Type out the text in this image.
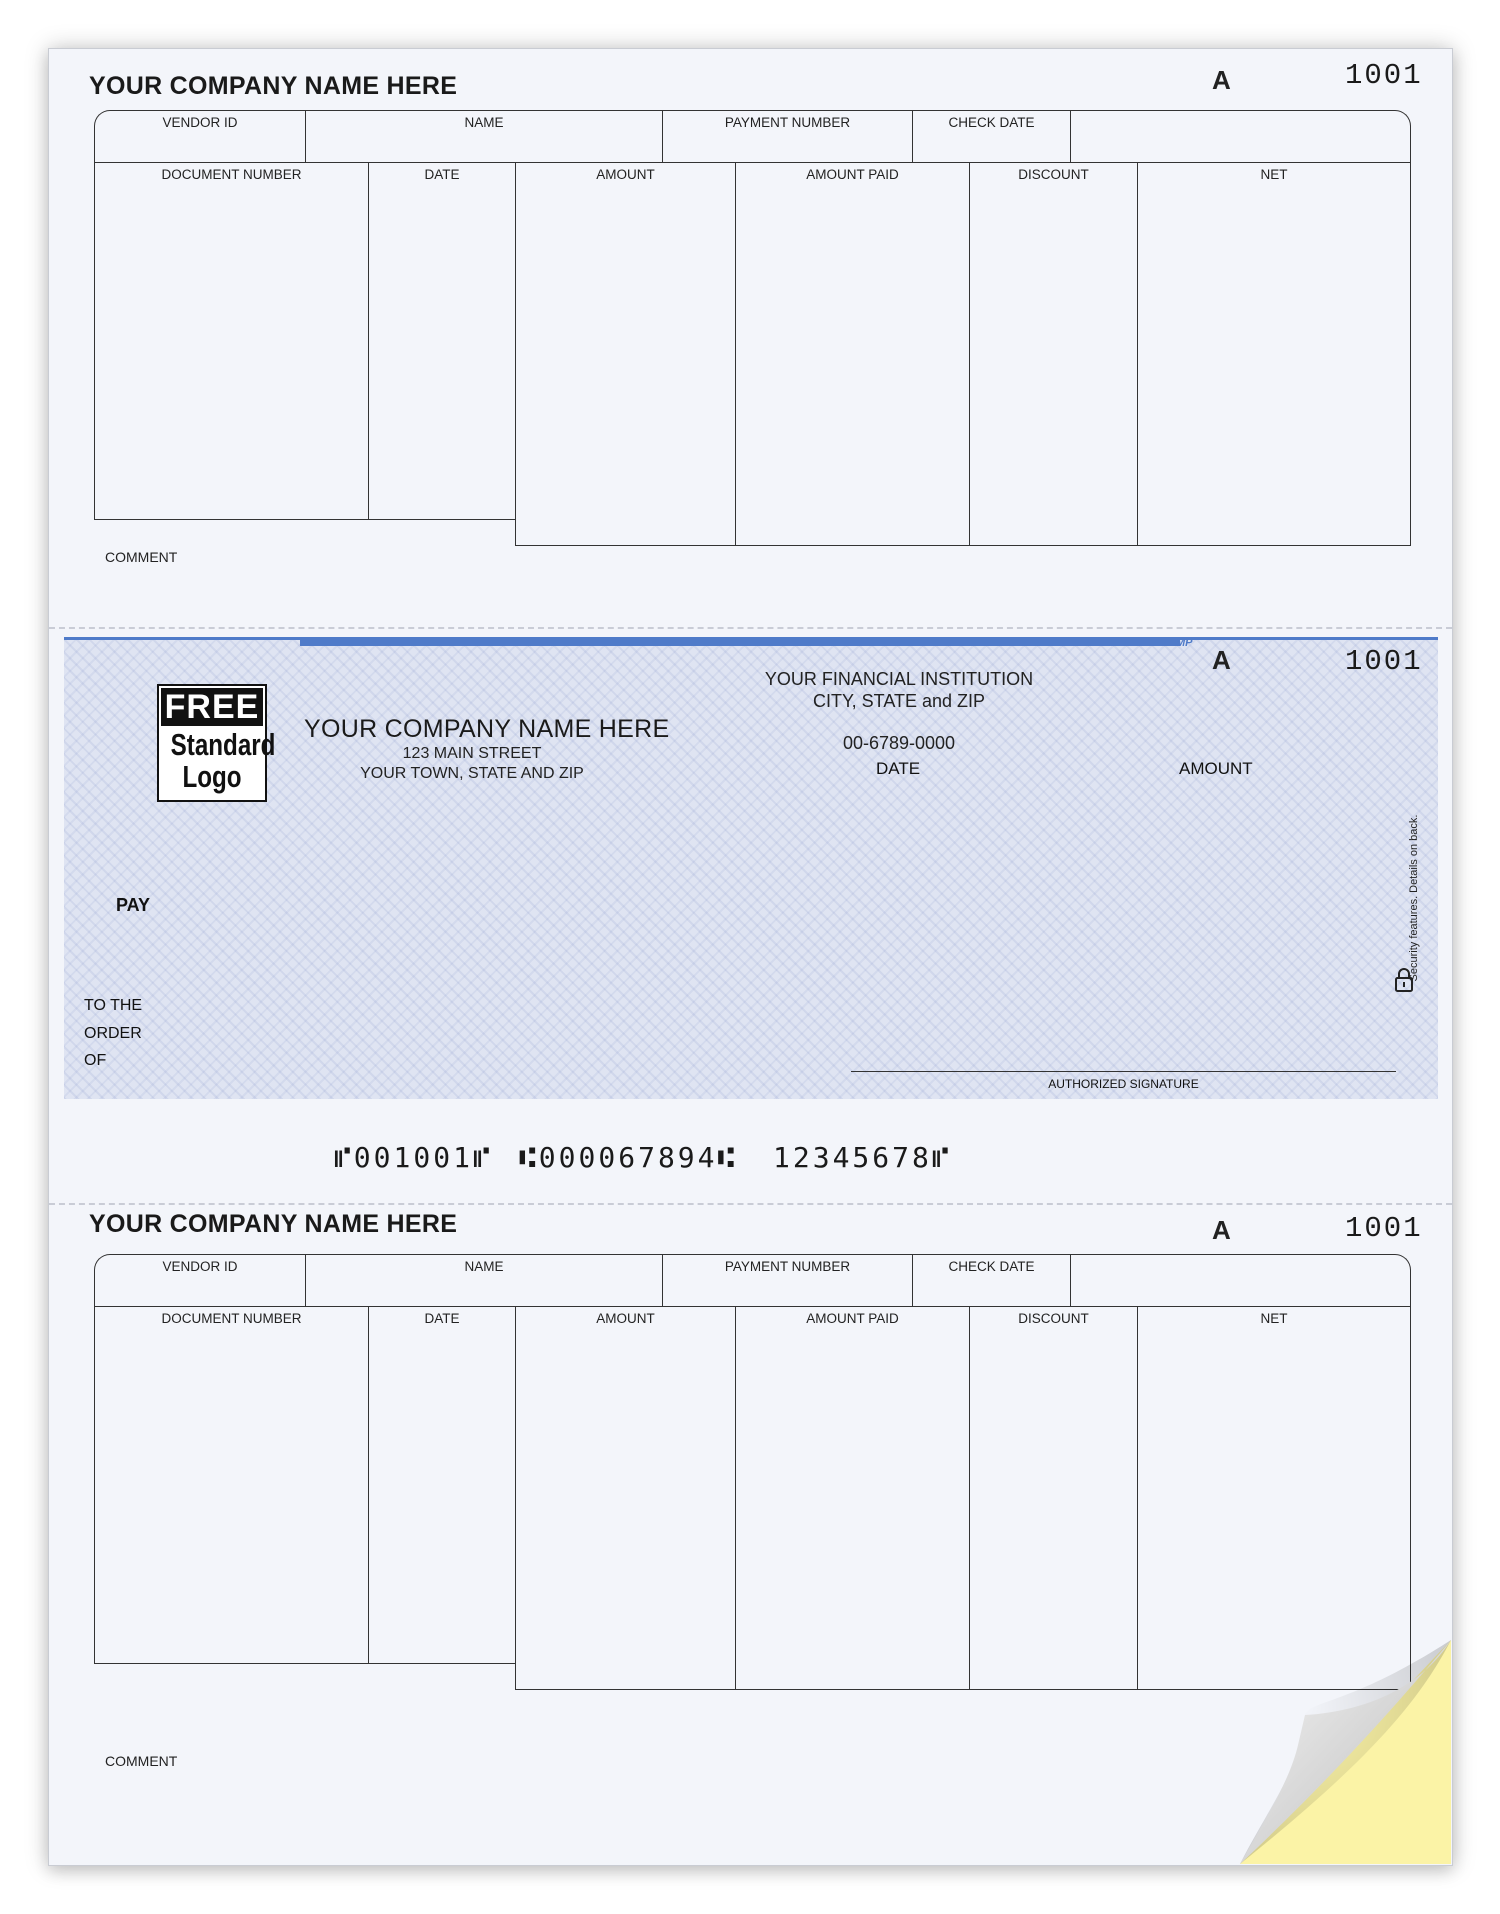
YOUR COMPANY NAME HERE	A	1001
VENDOR ID	NAME	PAYMENT NUMBER	CHECK DATE
DOCUMENT NUMBER	DATE	AMOUNT	AMOUNT PAID	DISCOUNT	NET
COMMENT
MP
A	1001
FREE
Standard
Logo
YOUR COMPANY NAME HERE
123 MAIN STREET
YOUR TOWN, STATE AND ZIP
YOUR FINANCIAL INSTITUTION
CITY, STATE and ZIP
00-6789-0000
DATE	AMOUNT
PAY
TO THE
ORDER
OF
AUTHORIZED SIGNATURE
Security features. Details on back.
⑈001001⑈ ⑆000067894⑆ 12345678⑈
YOUR COMPANY NAME HERE	A	1001
VENDOR ID	NAME	PAYMENT NUMBER	CHECK DATE
DOCUMENT NUMBER	DATE	AMOUNT	AMOUNT PAID	DISCOUNT	NET
COMMENT
